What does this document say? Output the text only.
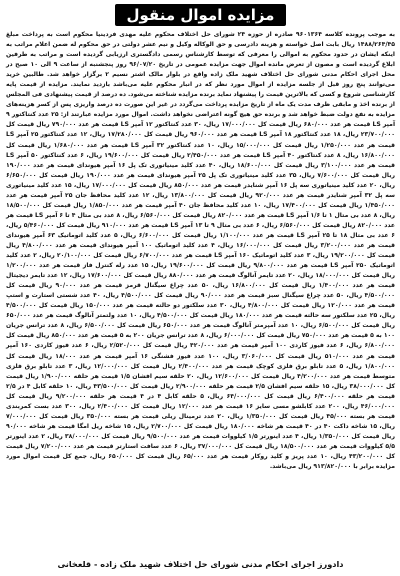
مزایده اموال منقول

به موجب پرونده کلاسه ۹۶۰۱۳۶۴ صادره از حوزه ۲۴ شورای حل اختلاف محکوم علیه مهدی فردینیا محکوم است به پرداخت مبلغ ۱۴۸۸/۲۶۴/۴۵ ریال بابت اصل خواسته و هزینه دادرسی و حق الوکاله وکیل و نیم عشر دولتی در حق محکوم له ضمن اعلام مراتب به اینکه ایشان در حدود محکوم به اموالی را معرفی که توسط کارشناس رسمی دادگستری ارزیابی گردیده است و مراتب به طرفین ابلاغ گردیده است و مصون از تعرض مانده اموال جهت مزایده عمومی در تاریخ ۹۶/۰۷/۲۰ روز پنجشنبه از ساعت ۹ الی ۱۰ صبح در محل اجرای احکام مدنی شورای حل اختلاف شهید ملک زاده واقع در بلوار مالک اشتر نسیم ۲ برگزار خواهد شد. طالبین خرید می‌توانند پنج روز قبل از جلسه مزایده از اموال مورد نظر که در انبار محکوم علیه می‌باشد بازدید نمایند. مزایده از قیمت پایه کارشناسی شروع و کسی که بالاترین قیمت را پیشنهاد نماید برنده مزایده شناخته می‌شود. ده درصد از قیمت پیشنهادی فی المجلس از برنده اخذ و مابقی ظرف مدت یک ماه از تاریخ مزایده پرداخت می‌گردد در غیر این صورت ده درصد واریزی پس از کسر هزینه‌های مزایده به نفع دولت ضبط خواهد شد و برنده حق هیچ گونه اعتراضی نخواهد داشت. اموال مورد مزایده عبارتند از: ۲۵ عدد کنتاکتور ۹ آمپر LS قیمت هر عدد ۶۸۰/۰۰۰ ریال قیمت کل ۱۷/۰۰۰/۰۰۰ ریال، ۳۰ عدد کنتاکتور ۱۲ آمپر LS قیمت هر عدد ۷۹۰/۰۰۰ ریال قیمت کل ۲۳/۷۰۰/۰۰۰ ریال، ۱۸ عدد کنتاکتور ۱۸ آمپر LS قیمت هر عدد ۹۶۰/۰۰۰ ریال قیمت کل ۱۷/۲۸۰/۰۰۰ ریال، ۱۲ عدد کنتاکتور ۲۵ آمپر LS قیمت هر عدد ۱/۲۵۰/۰۰۰ ریال قیمت کل ۱۵/۰۰۰/۰۰۰ ریال، ۱۰ عدد کنتاکتور ۳۲ آمپر LS قیمت هر عدد ۱/۶۸۰/۰۰۰ ریال قیمت کل ۱۶/۸۰۰/۰۰۰ ریال، ۸ عدد کنتاکتور ۴۰ آمپر LS قیمت هر عدد ۲/۴۵۰/۰۰۰ ریال قیمت کل ۱۹/۶۰۰/۰۰۰ ریال، ۶ عدد کنتاکتور ۵۰ آمپر LS قیمت هر عدد ۳/۱۰۰/۰۰۰ ریال قیمت کل ۱۸/۶۰۰/۰۰۰ ریال، ۴۰ عدد کلید مینیاتوری تک پل ۱۶ آمپر هیوندای قیمت هر عدد ۱۹۰/۰۰۰ ریال قیمت کل ۷/۶۰۰/۰۰۰ ریال، ۳۵ عدد کلید مینیاتوری تک پل ۲۵ آمپر هیوندای قیمت هر عدد ۱۹۰/۰۰۰ ریال قیمت کل ۶/۶۵۰/۰۰۰ ریال، ۲۰ عدد کلید مینیاتوری سه پل ۱۶ آمپر شنایدر قیمت هر عدد ۸۵۰/۰۰۰ ریال قیمت کل ۱۷/۰۰۰/۰۰۰ ریال، ۱۵ عدد کلید مینیاتوری سه پل ۳۲ آمپر شنایدر قیمت هر عدد ۹۲۰/۰۰۰ ریال قیمت کل ۱۳/۸۰۰/۰۰۰ ریال، ۱۲ عدد کلید محافظ جان ۲۵ آمپر قیمت هر عدد ۱/۴۵۰/۰۰۰ ریال قیمت کل ۱۷/۴۰۰/۰۰۰ ریال، ۱۰ عدد کلید محافظ جان ۴۰ آمپر قیمت هر عدد ۱/۸۵۰/۰۰۰ ریال قیمت کل ۱۸/۵۰۰/۰۰۰ ریال، ۸ عدد بی متال ۱ تا ۱/۶ آمپر LS قیمت هر عدد ۸۲۰/۰۰۰ ریال قیمت کل ۶/۵۶۰/۰۰۰ ریال، ۸ عدد بی متال ۴ تا ۶ آمپر LS قیمت هر عدد ۸۲۰/۰۰۰ ریال قیمت کل ۶/۵۶۰/۰۰۰ ریال، ۶ عدد بی متال ۹ تا ۱۳ آمپر LS قیمت هر عدد ۹۱۰/۰۰۰ ریال قیمت کل ۵/۴۶۰/۰۰۰ ریال، ۶ عدد بی متال ۱۸ تا ۲۵ آمپر LS قیمت هر عدد ۱/۱۰۰/۰۰۰ ریال قیمت کل ۶/۶۰۰/۰۰۰ ریال، ۵ عدد کلید اتوماتیک ۶۳ آمپر هیوندای قیمت هر عدد ۳/۲۰۰/۰۰۰ ریال قیمت کل ۱۶/۰۰۰/۰۰۰ ریال، ۴ عدد کلید اتوماتیک ۱۰۰ آمپر هیوندای قیمت هر عدد ۴/۸۰۰/۰۰۰ ریال قیمت کل ۱۹/۲۰۰/۰۰۰ ریال، ۳ عدد کلید اتوماتیک ۱۶۰ آمپر LS قیمت هر عدد ۶/۷۰۰/۰۰۰ ریال قیمت کل ۲۰/۱۰۰/۰۰۰ ریال، ۲ عدد کلید اتوماتیک ۲۵۰ آمپر LS قیمت هر عدد ۹/۸۰۰/۰۰۰ ریال قیمت کل ۱۹/۶۰۰/۰۰۰ ریال، ۱۵ عدد رله کنترل فاز قیمت هر عدد ۱/۲۰۰/۰۰۰ ریال قیمت کل ۱۸/۰۰۰/۰۰۰ ریال، ۲۰ عدد تایمر آنالوگ قیمت هر عدد ۸۸۰/۰۰۰ ریال قیمت کل ۱۷/۶۰۰/۰۰۰ ریال، ۱۲ عدد تایمر دیجیتال قیمت هر عدد ۱/۴۰۰/۰۰۰ ریال قیمت کل ۱۶/۸۰۰/۰۰۰ ریال، ۵۰ عدد چراغ سیگنال قرمز قیمت هر عدد ۹۰/۰۰۰ ریال قیمت کل ۴/۵۰۰/۰۰۰ ریال، ۵۰ عدد چراغ سیگنال سبز قیمت هر عدد ۹۰/۰۰۰ ریال قیمت کل ۴/۵۰۰/۰۰۰ ریال، ۴۰ عدد شستی استارت و استپ قیمت هر عدد ۱۲۰/۰۰۰ ریال قیمت کل ۴/۸۰۰/۰۰۰ ریال، ۳۰ عدد سلکتور دو حالته قیمت هر عدد ۱۵۰/۰۰۰ ریال قیمت کل ۴/۵۰۰/۰۰۰ ریال، ۲۵ عدد سلکتور سه حالته قیمت هر عدد ۱۸۰/۰۰۰ ریال قیمت کل ۴/۵۰۰/۰۰۰ ریال، ۱۰ عدد ولتمتر آنالوگ قیمت هر عدد ۶۵۰/۰۰۰ ریال قیمت کل ۶/۵۰۰/۰۰۰ ریال، ۱۰ عدد آمپرمتر آنالوگ قیمت هر عدد ۶۵۰/۰۰۰ ریال قیمت کل ۶/۵۰۰/۰۰۰ ریال، ۸ عدد ترانس جریان ۱۰۰ به ۵ قیمت هر عدد ۷۵۰/۰۰۰ ریال قیمت کل ۶/۰۰۰/۰۰۰ ریال، ۸ عدد ترانس جریان ۲۰۰ به ۵ قیمت هر عدد ۸۵۰/۰۰۰ ریال قیمت کل ۶/۸۰۰/۰۰۰ ریال، ۶ عدد فیوز کاردی ۱۰۰ آمپر قیمت هر عدد ۴۲۰/۰۰۰ ریال قیمت کل ۲/۵۲۰/۰۰۰ ریال، ۶ عدد فیوز کاردی ۱۶۰ آمپر قیمت هر عدد ۵۱۰/۰۰۰ ریال قیمت کل ۳/۰۶۰/۰۰۰ ریال، ۱۰۰ عدد فیوز فشنگی ۱۶ آمپر قیمت هر عدد ۱۸/۰۰۰ ریال قیمت کل ۱/۸۰۰/۰۰۰ ریال، ۵ عدد تابلو برق فلزی کوچک قیمت هر عدد ۲/۴۰۰/۰۰۰ ریال قیمت کل ۱۲/۰۰۰/۰۰۰ ریال، ۳ عدد تابلو برق فلزی متوسط قیمت هر عدد ۴/۲۰۰/۰۰۰ ریال قیمت کل ۱۲/۶۰۰/۰۰۰ ریال، ۲۰ حلقه سیم افشان ۱/۵ قیمت هر حلقه ۱/۹۰۰/۰۰۰ ریال قیمت کل ۳۸/۰۰۰/۰۰۰ ریال، ۱۵ حلقه سیم افشان ۲/۵ قیمت هر حلقه ۲/۹۰۰/۰۰۰ ریال قیمت کل ۴۳/۵۰۰/۰۰۰ ریال، ۱۰ حلقه کابل ۴ در ۲/۵ قیمت هر حلقه ۶/۴۰۰/۰۰۰ ریال قیمت کل ۶۴/۰۰۰/۰۰۰ ریال، ۵ حلقه کابل ۴ در ۴ قیمت هر حلقه ۹/۲۰۰/۰۰۰ ریال قیمت کل ۴۶/۰۰۰/۰۰۰ ریال، ۲۰۰ عدد کابلشو مسی سایز ۱۶ قیمت هر عدد ۱۲/۰۰۰ ریال قیمت کل ۲/۴۰۰/۰۰۰ ریال، ۳۰۰ عدد بست کمربندی قیمت هر بسته ۴۵/۰۰۰ ریال قیمت کل ۱/۳۵۰/۰۰۰ ریال، ۲۰ عدد ترمینال ریلی قیمت هر بسته ۳۵۰/۰۰۰ ریال قیمت کل ۷/۰۰۰/۰۰۰ ریال، ۱۵ شاخه داکت ۴۰ در ۴۰ قیمت هر شاخه ۱۸۰/۰۰۰ ریال قیمت کل ۲/۷۰۰/۰۰۰ ریال، ۱۵ شاخه ریل امگا قیمت هر شاخه ۹۰/۰۰۰ ریال قیمت کل ۱/۳۵۰/۰۰۰ ریال، ۴ عدد اینورتر ۱/۵ کیلووات قیمت هر عدد ۹/۵۰۰/۰۰۰ ریال قیمت کل ۳۸/۰۰۰/۰۰۰ ریال، ۲ عدد اینورتر ۵/۵ کیلووات قیمت هر عدد ۱۸/۵۰۰/۰۰۰ ریال قیمت کل ۳۷/۰۰۰/۰۰۰ ریال، ۶ عدد سافت استارتر قیمت هر عدد ۷/۲۰۰/۰۰۰ ریال قیمت کل ۴۳/۲۰۰/۰۰۰ ریال، ۱۰ عدد پریز و کلید روکار قیمت هر عدد ۶۵/۰۰۰ ریال قیمت کل ۶۵۰/۰۰۰ ریال، جمع کل قیمت اموال مورد مزایده برابر با ۹۱۳/۸۲۰/۰۰۰ ریال می‌باشد.

دادورز اجرای احکام مدنی شورای حل اختلاف شهید ملک زاده - قلعخانی
